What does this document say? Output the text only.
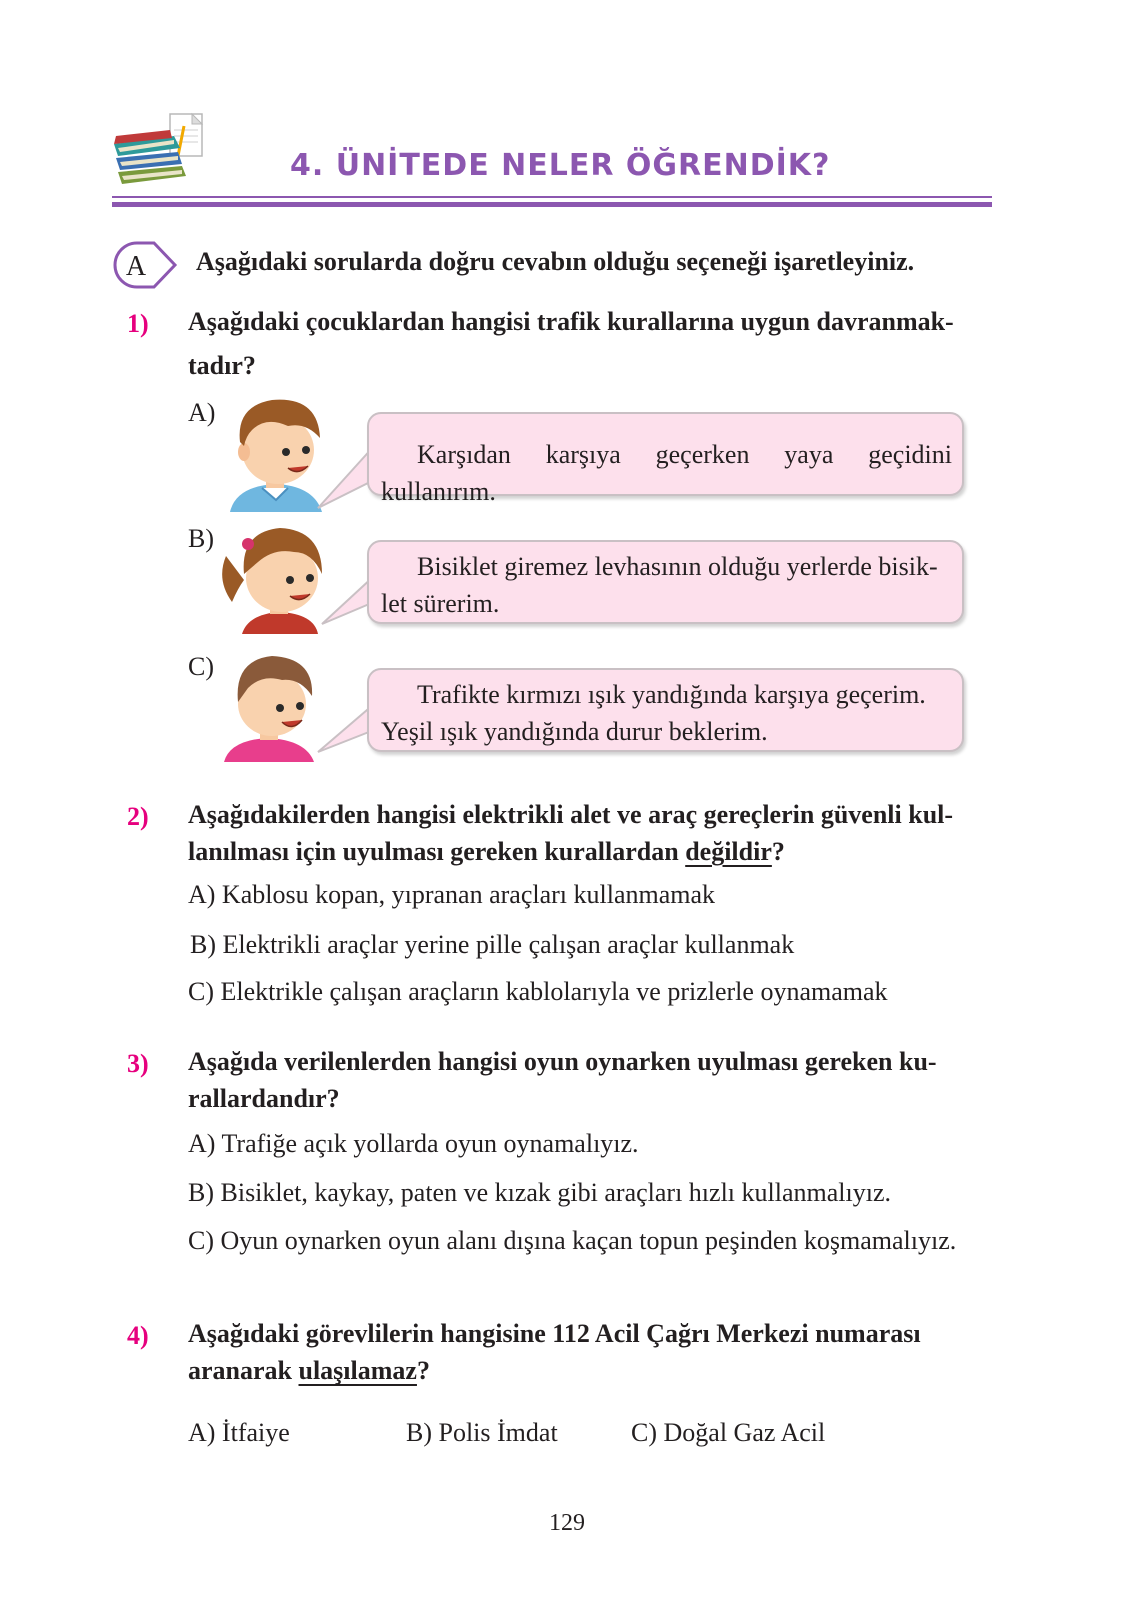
4. ÜNİTEDE NELER ÖĞRENDİK?
A Aşağıdaki sorularda doğru cevabın olduğu seçeneği işaretleyiniz.
1) Aşağıdaki çocuklardan hangisi trafik kurallarına uygun davranmak-
tadır?
A)
Karşıdan karşıya geçerken yaya geçidini kullanırım.
B)
Bisiklet giremez levhasının olduğu yerlerde bisik-
let sürerim.
C)
Trafikte kırmızı ışık yandığında karşıya geçerim.
Yeşil ışık yandığında durur beklerim.
2) Aşağıdakilerden hangisi elektrikli alet ve araç gereçlerin güvenli kul-
lanılması için uyulması gereken kurallardan değildir?
A) Kablosu kopan, yıpranan araçları kullanmamak
B) Elektrikli araçlar yerine pille çalışan araçlar kullanmak
C) Elektrikle çalışan araçların kablolarıyla ve prizlerle oynamamak
3) Aşağıda verilenlerden hangisi oyun oynarken uyulması gereken ku-
rallardandır?
A) Trafiğe açık yollarda oyun oynamalıyız.
B) Bisiklet, kaykay, paten ve kızak gibi araçları hızlı kullanmalıyız.
C) Oyun oynarken oyun alanı dışına kaçan topun peşinden koşmamalıyız.
4) Aşağıdaki görevlilerin hangisine 112 Acil Çağrı Merkezi numarası
aranarak ulaşılamaz?
A) İtfaiye	B) Polis İmdat	C) Doğal Gaz Acil
129
